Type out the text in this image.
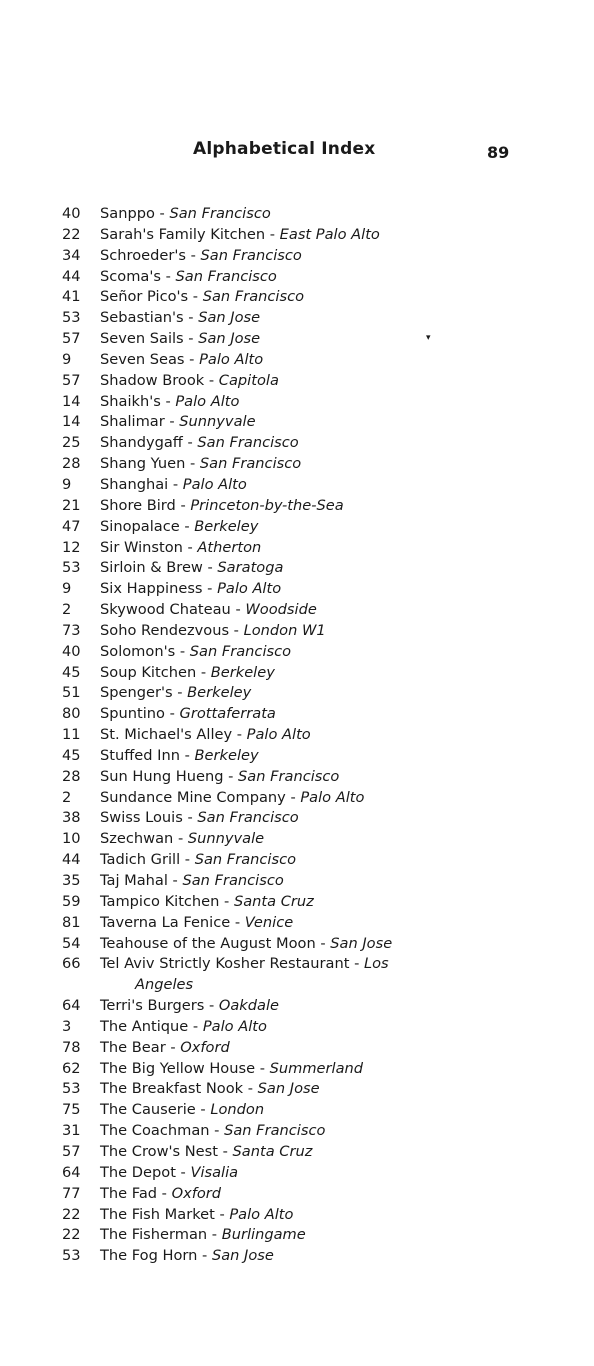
Alphabetical Index	89
40	Sanppo - San Francisco
22	Sarah's Family Kitchen - East Palo Alto
34	Schroeder's - San Francisco
44	Scoma's - San Francisco
41	Señor Pico's - San Francisco
53	Sebastian's - San Jose
57	Seven Sails - San Jose
9	Seven Seas - Palo Alto
57	Shadow Brook - Capitola
14	Shaikh's - Palo Alto
14	Shalimar - Sunnyvale
25	Shandygaff - San Francisco
28	Shang Yuen - San Francisco
9	Shanghai - Palo Alto
21	Shore Bird - Princeton-by-the-Sea
47	Sinopalace - Berkeley
12	Sir Winston - Atherton
53	Sirloin & Brew - Saratoga
9	Six Happiness - Palo Alto
2	Skywood Chateau - Woodside
73	Soho Rendezvous - London W1
40	Solomon's - San Francisco
45	Soup Kitchen - Berkeley
51	Spenger's - Berkeley
80	Spuntino - Grottaferrata
11	St. Michael's Alley - Palo Alto
45	Stuffed Inn - Berkeley
28	Sun Hung Hueng - San Francisco
2	Sundance Mine Company - Palo Alto
38	Swiss Louis - San Francisco
10	Szechwan - Sunnyvale
44	Tadich Grill - San Francisco
35	Taj Mahal - San Francisco
59	Tampico Kitchen - Santa Cruz
81	Taverna La Fenice - Venice
54	Teahouse of the August Moon - San Jose
66	Tel Aviv Strictly Kosher Restaurant - Los
Angeles
64	Terri's Burgers - Oakdale
3	The Antique - Palo Alto
78	The Bear - Oxford
62	The Big Yellow House - Summerland
53	The Breakfast Nook - San Jose
75	The Causerie - London
31	The Coachman - San Francisco
57	The Crow's Nest - Santa Cruz
64	The Depot - Visalia
77	The Fad - Oxford
22	The Fish Market - Palo Alto
22	The Fisherman - Burlingame
53	The Fog Horn - San Jose
▾
